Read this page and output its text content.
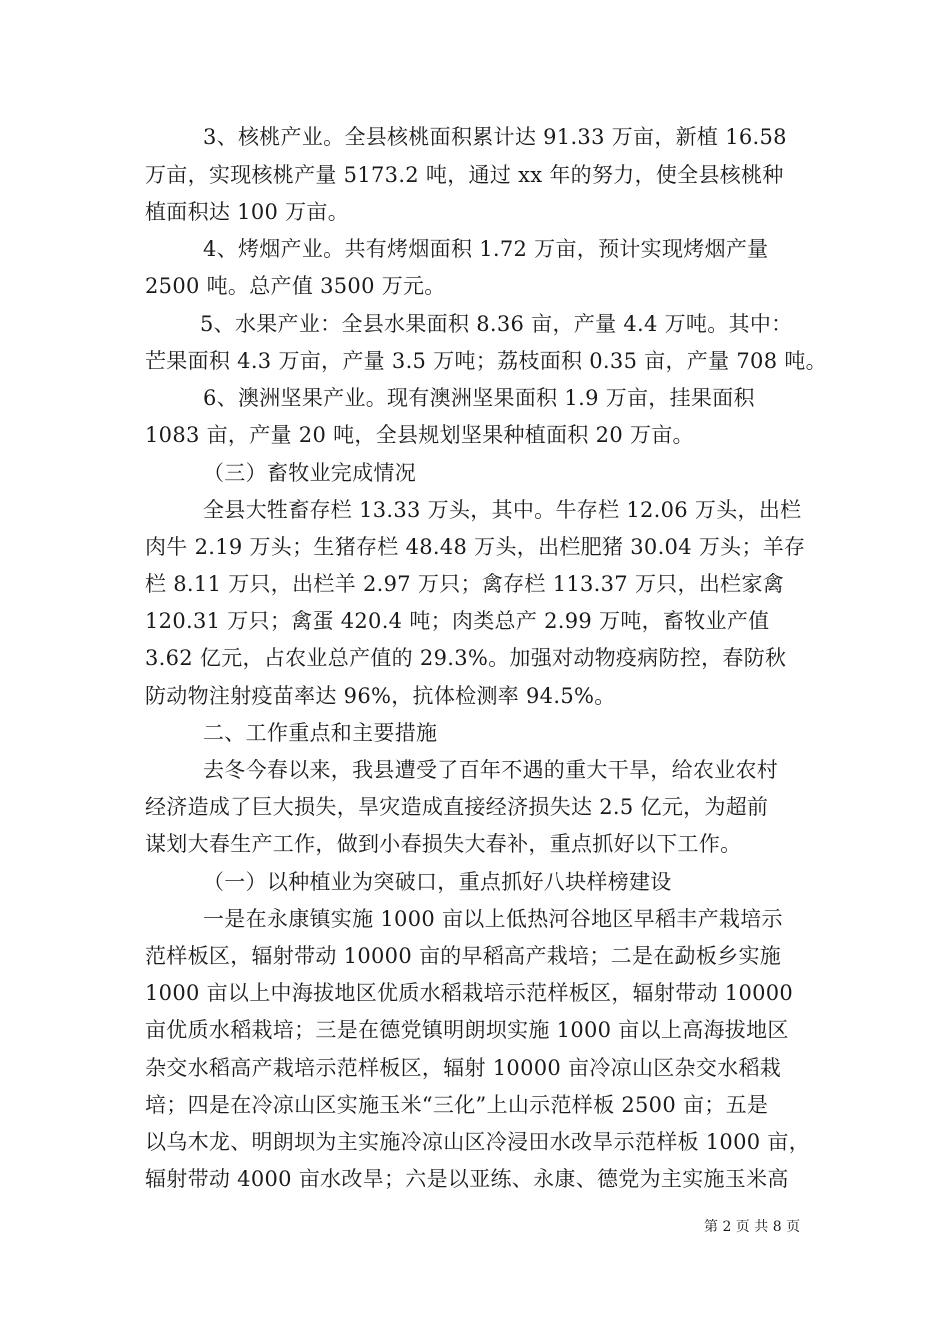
3、核桃产业。全县核桃面积累计达 91.33 万亩，新植 16.58
万亩，实现核桃产量 5173.2 吨，通过 xx 年的努力，使全县核桃种
植面积达 100 万亩。
4、烤烟产业。共有烤烟面积 1.72 万亩，预计实现烤烟产量
2500 吨。总产值 3500 万元。
5、水果产业：全县水果面积 8.36 亩，产量 4.4 万吨。其中：
芒果面积 4.3 万亩，产量 3.5 万吨；荔枝面积 0.35 亩，产量 708 吨。
6、澳洲坚果产业。现有澳洲坚果面积 1.9 万亩，挂果面积
1083 亩，产量 20 吨，全县规划坚果种植面积 20 万亩。
（三）畜牧业完成情况
全县大牲畜存栏 13.33 万头，其中。牛存栏 12.06 万头，出栏
肉牛 2.19 万头；生猪存栏 48.48 万头，出栏肥猪 30.04 万头；羊存
栏 8.11 万只，出栏羊 2.97 万只；禽存栏 113.37 万只，出栏家禽
120.31 万只；禽蛋 420.4 吨；肉类总产 2.99 万吨，畜牧业产值
3.62 亿元，占农业总产值的 29.3%。加强对动物疫病防控，春防秋
防动物注射疫苗率达 96%，抗体检测率 94.5%。
二、工作重点和主要措施
去冬今春以来，我县遭受了百年不遇的重大干旱，给农业农村
经济造成了巨大损失，旱灾造成直接经济损失达 2.5 亿元，为超前
谋划大春生产工作，做到小春损失大春补，重点抓好以下工作。
（一）以种植业为突破口，重点抓好八块样榜建设
一是在永康镇实施 1000 亩以上低热河谷地区早稻丰产栽培示
范样板区，辐射带动 10000 亩的早稻高产栽培；二是在勐板乡实施
1000 亩以上中海拔地区优质水稻栽培示范样板区，辐射带动 10000
亩优质水稻栽培；三是在德党镇明朗坝实施 1000 亩以上高海拔地区
杂交水稻高产栽培示范样板区，辐射 10000 亩冷凉山区杂交水稻栽
培；四是在冷凉山区实施玉米“三化”上山示范样板 2500 亩；五是
以乌木龙、明朗坝为主实施冷凉山区冷浸田水改旱示范样板 1000 亩，
辐射带动 4000 亩水改旱；六是以亚练、永康、德党为主实施玉米高
第 2 页 共 8 页
